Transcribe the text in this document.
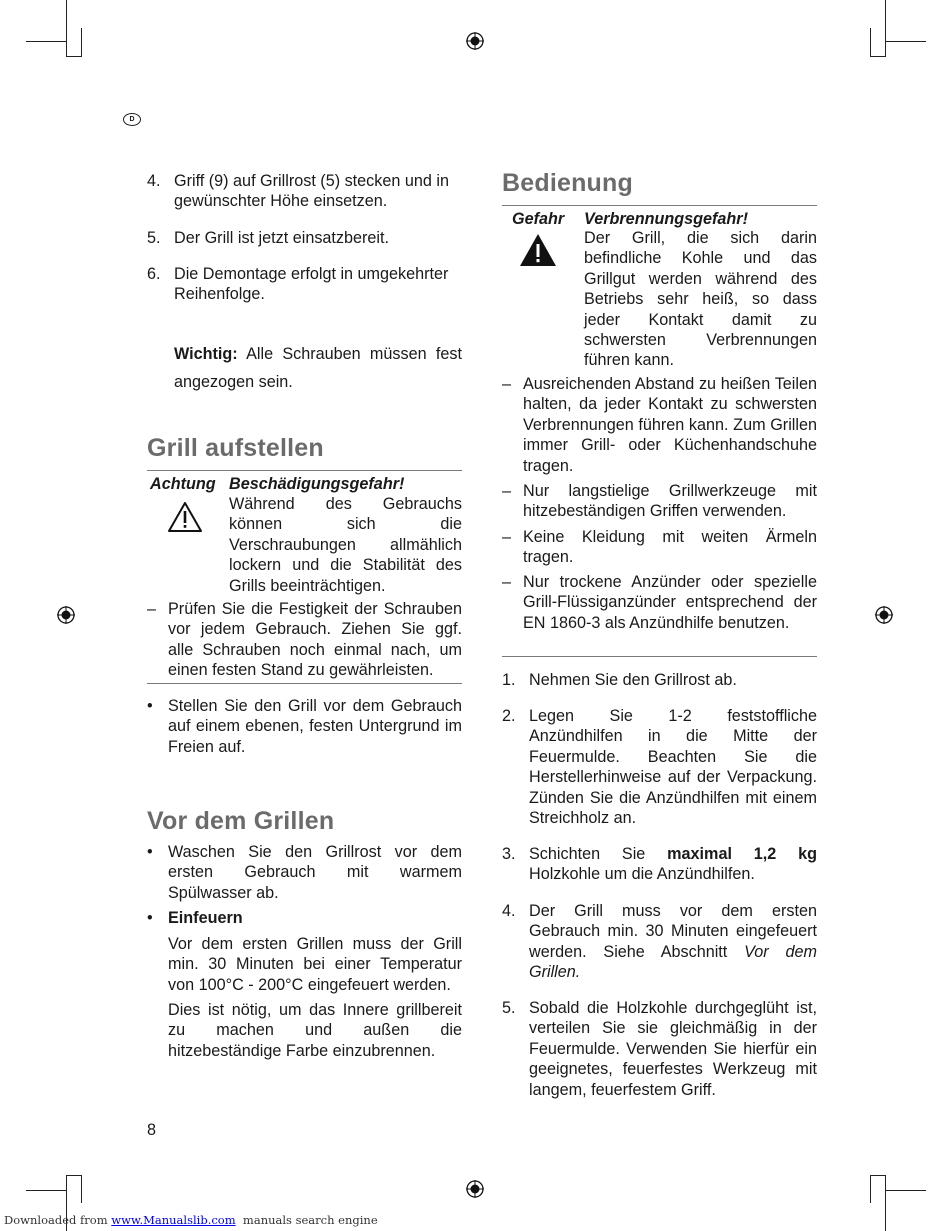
D
4. Griff (9) auf Grillrost (5) stecken und in gewünschter Höhe einsetzen.
5. Der Grill ist jetzt einsatzbereit.
6. Die Demontage erfolgt in umgekehrter Reihenfolge.
Wichtig: Alle Schrauben müssen fest angezogen sein.
Grill aufstellen
Achtung Beschädigungsgefahr!
Während des Gebrauchs können sich die Verschraubungen allmählich lockern und die Stabilität des Grills beeinträchtigen.
– Prüfen Sie die Festigkeit der Schrauben vor jedem Gebrauch. Ziehen Sie ggf. alle Schrauben noch einmal nach, um einen festen Stand zu gewährleisten.
• Stellen Sie den Grill vor dem Gebrauch auf einem ebenen, festen Untergrund im Freien auf.
Vor dem Grillen
• Waschen Sie den Grillrost vor dem ersten Gebrauch mit warmem Spülwasser ab.
• Einfeuern
Vor dem ersten Grillen muss der Grill min. 30 Minuten bei einer Temperatur von 100°C - 200°C eingefeuert werden.
Dies ist nötig, um das Innere grillbereit zu machen und außen die hitzebeständige Farbe einzubrennen.
8
Bedienung
Gefahr Verbrennungsgefahr!
Der Grill, die sich darin befindliche Kohle und das Grillgut werden während des Betriebs sehr heiß, so dass jeder Kontakt damit zu schwersten Verbrennungen führen kann.
– Ausreichenden Abstand zu heißen Teilen halten, da jeder Kontakt zu schwersten Verbrennungen führen kann. Zum Grillen immer Grill- oder Küchenhandschuhe tragen.
– Nur langstielige Grillwerkzeuge mit hitzebeständigen Griffen verwenden.
– Keine Kleidung mit weiten Ärmeln tragen.
– Nur trockene Anzünder oder spezielle Grill-Flüssiganzünder entsprechend der EN 1860-3 als Anzündhilfe benutzen.
1. Nehmen Sie den Grillrost ab.
2. Legen Sie 1-2 feststoffliche Anzündhilfen in die Mitte der Feuermulde. Beachten Sie die Herstellerhinweise auf der Verpackung. Zünden Sie die Anzündhilfen mit einem Streichholz an.
3. Schichten Sie maximal 1,2 kg Holzkohle um die Anzündhilfen.
4. Der Grill muss vor dem ersten Gebrauch min. 30 Minuten eingefeuert werden. Siehe Abschnitt Vor dem Grillen.
5. Sobald die Holzkohle durchgeglüht ist, verteilen Sie sie gleichmäßig in der Feuermulde. Verwenden Sie hierfür ein geeignetes, feuerfestes Werkzeug mit langem, feuerfestem Griff.
Downloaded from www.Manualslib.com  manuals search engine
